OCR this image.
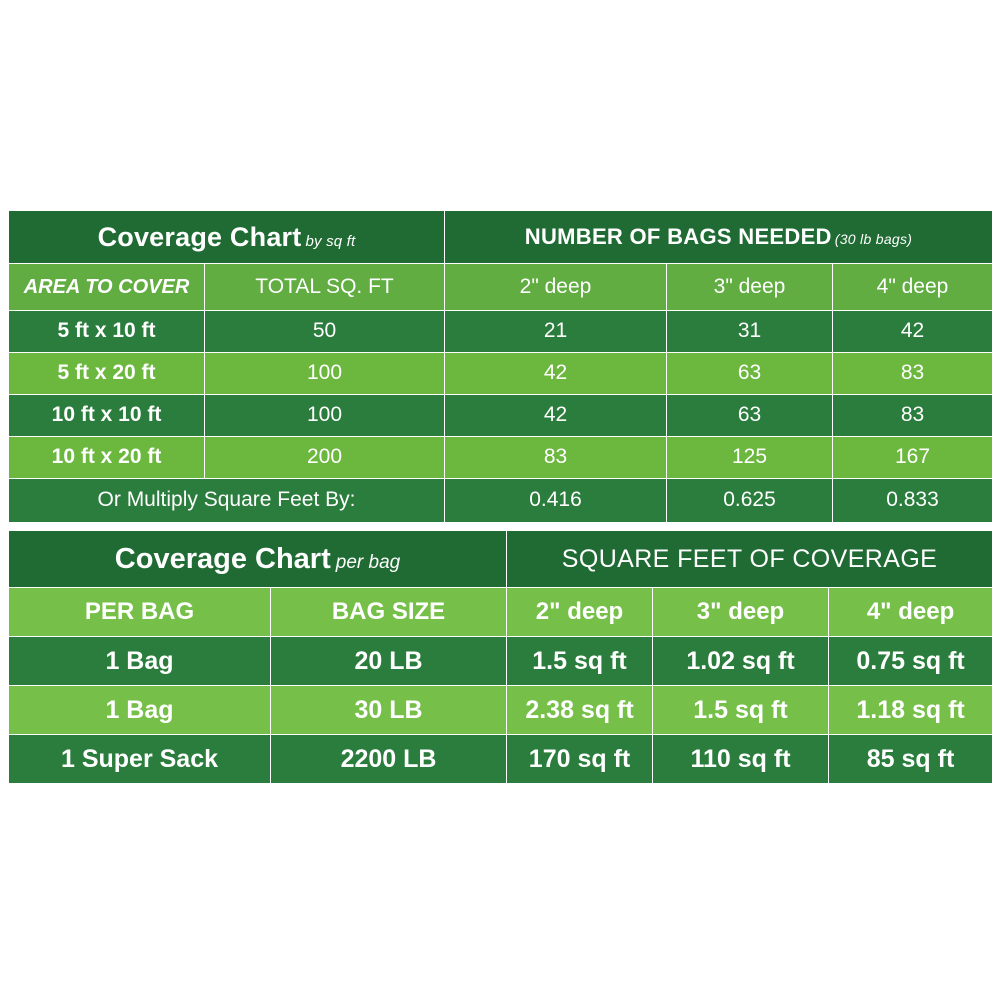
Coverage Chart by sq ft		NUMBER OF BAGS NEEDED (30 lb bags)		
AREA TO COVER	TOTAL SQ. FT	2" deep	3" deep	4" deep
5 ft x 10 ft	50	21	31	42
5 ft x 20 ft	100	42	63	83
10 ft x 10 ft	100	42	63	83
10 ft x 20 ft	200	83	125	167
Or Multiply Square Feet By:		0.416	0.625	0.833
Coverage Chart per bag		SQUARE FEET OF COVERAGE		
PER BAG	BAG SIZE	2" deep	3" deep	4" deep
1 Bag	20 LB	1.5 sq ft	1.02 sq ft	0.75 sq ft
1 Bag	30 LB	2.38 sq ft	1.5 sq ft	1.18 sq ft
1 Super Sack	2200 LB	170 sq ft	110 sq ft	85 sq ft
